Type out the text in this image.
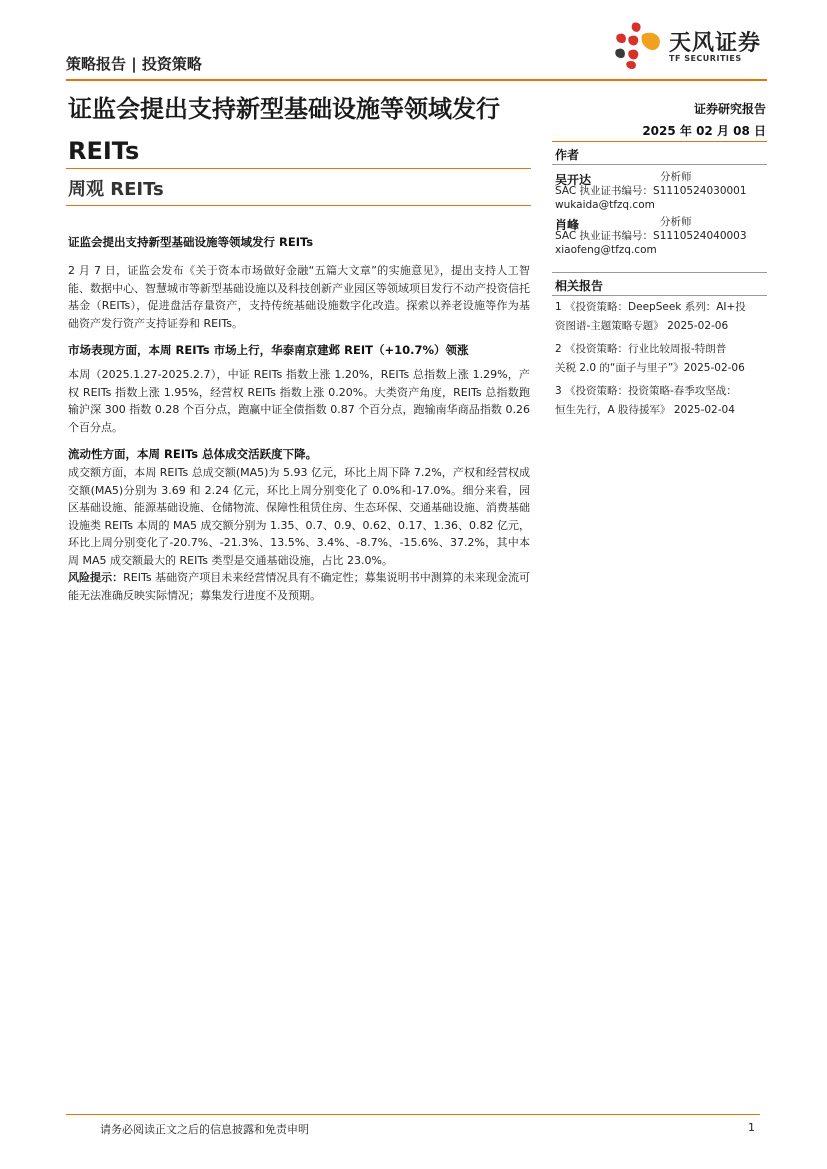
策略报告 | 投资策略
天风证券
TF SECURITIES
证监会提出支持新型基础设施等领域发行
REITs
周观 REITs
证券研究报告
2025 年 02 月 08 日
作者
吴开达	分析师
SAC 执业证书编号：S1110524030001
wukaida@tfzq.com
肖峰	分析师
SAC 执业证书编号：S1110524040003
xiaofeng@tfzq.com
相关报告
1 《投资策略：DeepSeek 系列：AI+投
资图谱-主题策略专题》 2025-02-06
2 《投资策略：行业比较周报-特朗普
关税 2.0 的“面子与里子”》2025-02-06
3 《投资策略：投资策略-春季攻坚战：
恒生先行，A 股待援军》 2025-02-04
证监会提出支持新型基础设施等领域发行 REITs
2 月 7 日，证监会发布《关于资本市场做好金融“五篇大文章”的实施意见》，提出支持人工智能、数据中心、智慧城市等新型基础设施以及科技创新产业园区等领域项目发行不动产投资信托基金（REITs），促进盘活存量资产，支持传统基础设施数字化改造。探索以养老设施等作为基础资产发行资产支持证券和 REITs。
市场表现方面，本周 REITs 市场上行，华泰南京建邺 REIT（+10.7%）领涨
本周（2025.1.27-2025.2.7），中证 REITs 指数上涨 1.20%，REITs 总指数上涨 1.29%，产权 REITs 指数上涨 1.95%，经营权 REITs 指数上涨 0.20%。大类资产角度，REITs 总指数跑输沪深 300 指数 0.28 个百分点，跑赢中证全债指数 0.87 个百分点，跑输南华商品指数 0.26 个百分点。
流动性方面，本周 REITs 总体成交活跃度下降。
成交额方面，本周 REITs 总成交额(MA5)为 5.93 亿元，环比上周下降 7.2%，产权和经营权成交额(MA5)分别为 3.69 和 2.24 亿元，环比上周分别变化了 0.0%和-17.0%。细分来看，园区基础设施、能源基础设施、仓储物流、保障性租赁住房、生态环保、交通基础设施、消费基础设施类 REITs 本周的 MA5 成交额分别为 1.35、0.7、0.9、0.62、0.17、1.36、0.82 亿元，环比上周分别变化了-20.7%、-21.3%、13.5%、3.4%、-8.7%、-15.6%、37.2%，其中本周 MA5 成交额最大的 REITs 类型是交通基础设施，占比 23.0%。
风险提示：REITs 基础资产项目未来经营情况具有不确定性；募集说明书中测算的未来现金流可能无法准确反映实际情况；募集发行进度不及预期。
请务必阅读正文之后的信息披露和免责申明	1
